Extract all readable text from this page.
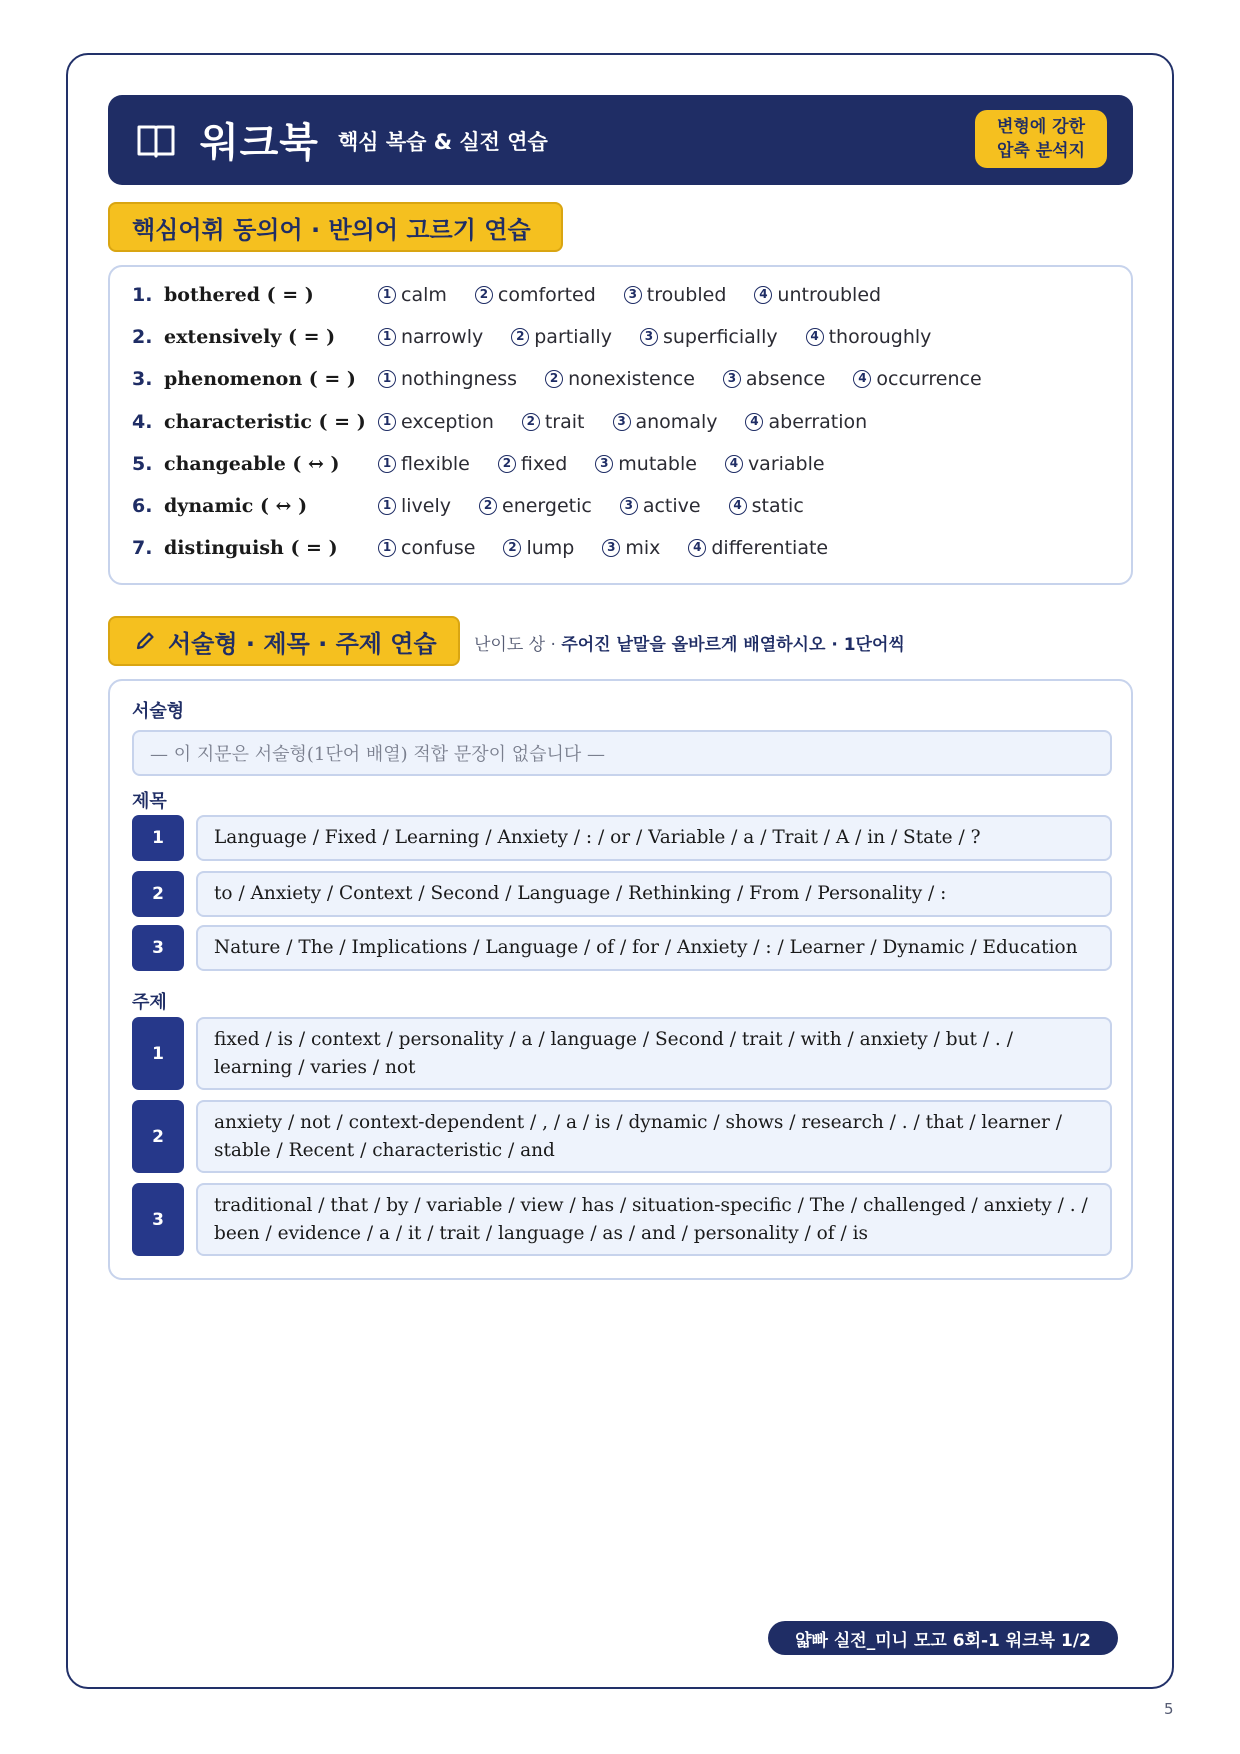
워크북 핵심 복습 & 실전 연습
변형에 강한
압축 분석지
핵심어휘 동의어 · 반의어 고르기 연습
1. bothered ( = )	1 calm	2 comforted	3 troubled	4 untroubled
2. extensively ( = )	1 narrowly	2 partially	3 superficially	4 thoroughly
3. phenomenon ( = )	1 nothingness	2 nonexistence	3 absence	4 occurrence
4. characteristic ( = )	1 exception	2 trait	3 anomaly	4 aberration
5. changeable ( ↔ )	1 flexible	2 fixed	3 mutable	4 variable
6. dynamic ( ↔ )	1 lively	2 energetic	3 active	4 static
7. distinguish ( = )	1 confuse	2 lump	3 mix	4 differentiate
서술형 · 제목 · 주제 연습 난이도 상 · 주어진 낱말을 올바르게 배열하시오 · 1단어씩
서술형
— 이 지문은 서술형(1단어 배열) 적합 문장이 없습니다 —
제목
1	Language / Fixed / Learning / Anxiety / : / or / Variable / a / Trait / A / in / State / ?
2	to / Anxiety / Context / Second / Language / Rethinking / From / Personality / :
3	Nature / The / Implications / Language / of / for / Anxiety / : / Learner / Dynamic / Education
주제
1
fixed / is / context / personality / a / language / Second / trait / with / anxiety / but / . / learning / varies / not
2
anxiety / not / context-dependent / , / a / is / dynamic / shows / research / . / that / learner / stable / Recent / characteristic / and
3
traditional / that / by / variable / view / has / situation-specific / The / challenged / anxiety / . / been / evidence / a / it / trait / language / as / and / personality / of / is
얇빠 실전_미니 모고 6회-1 워크북 1/2
5
